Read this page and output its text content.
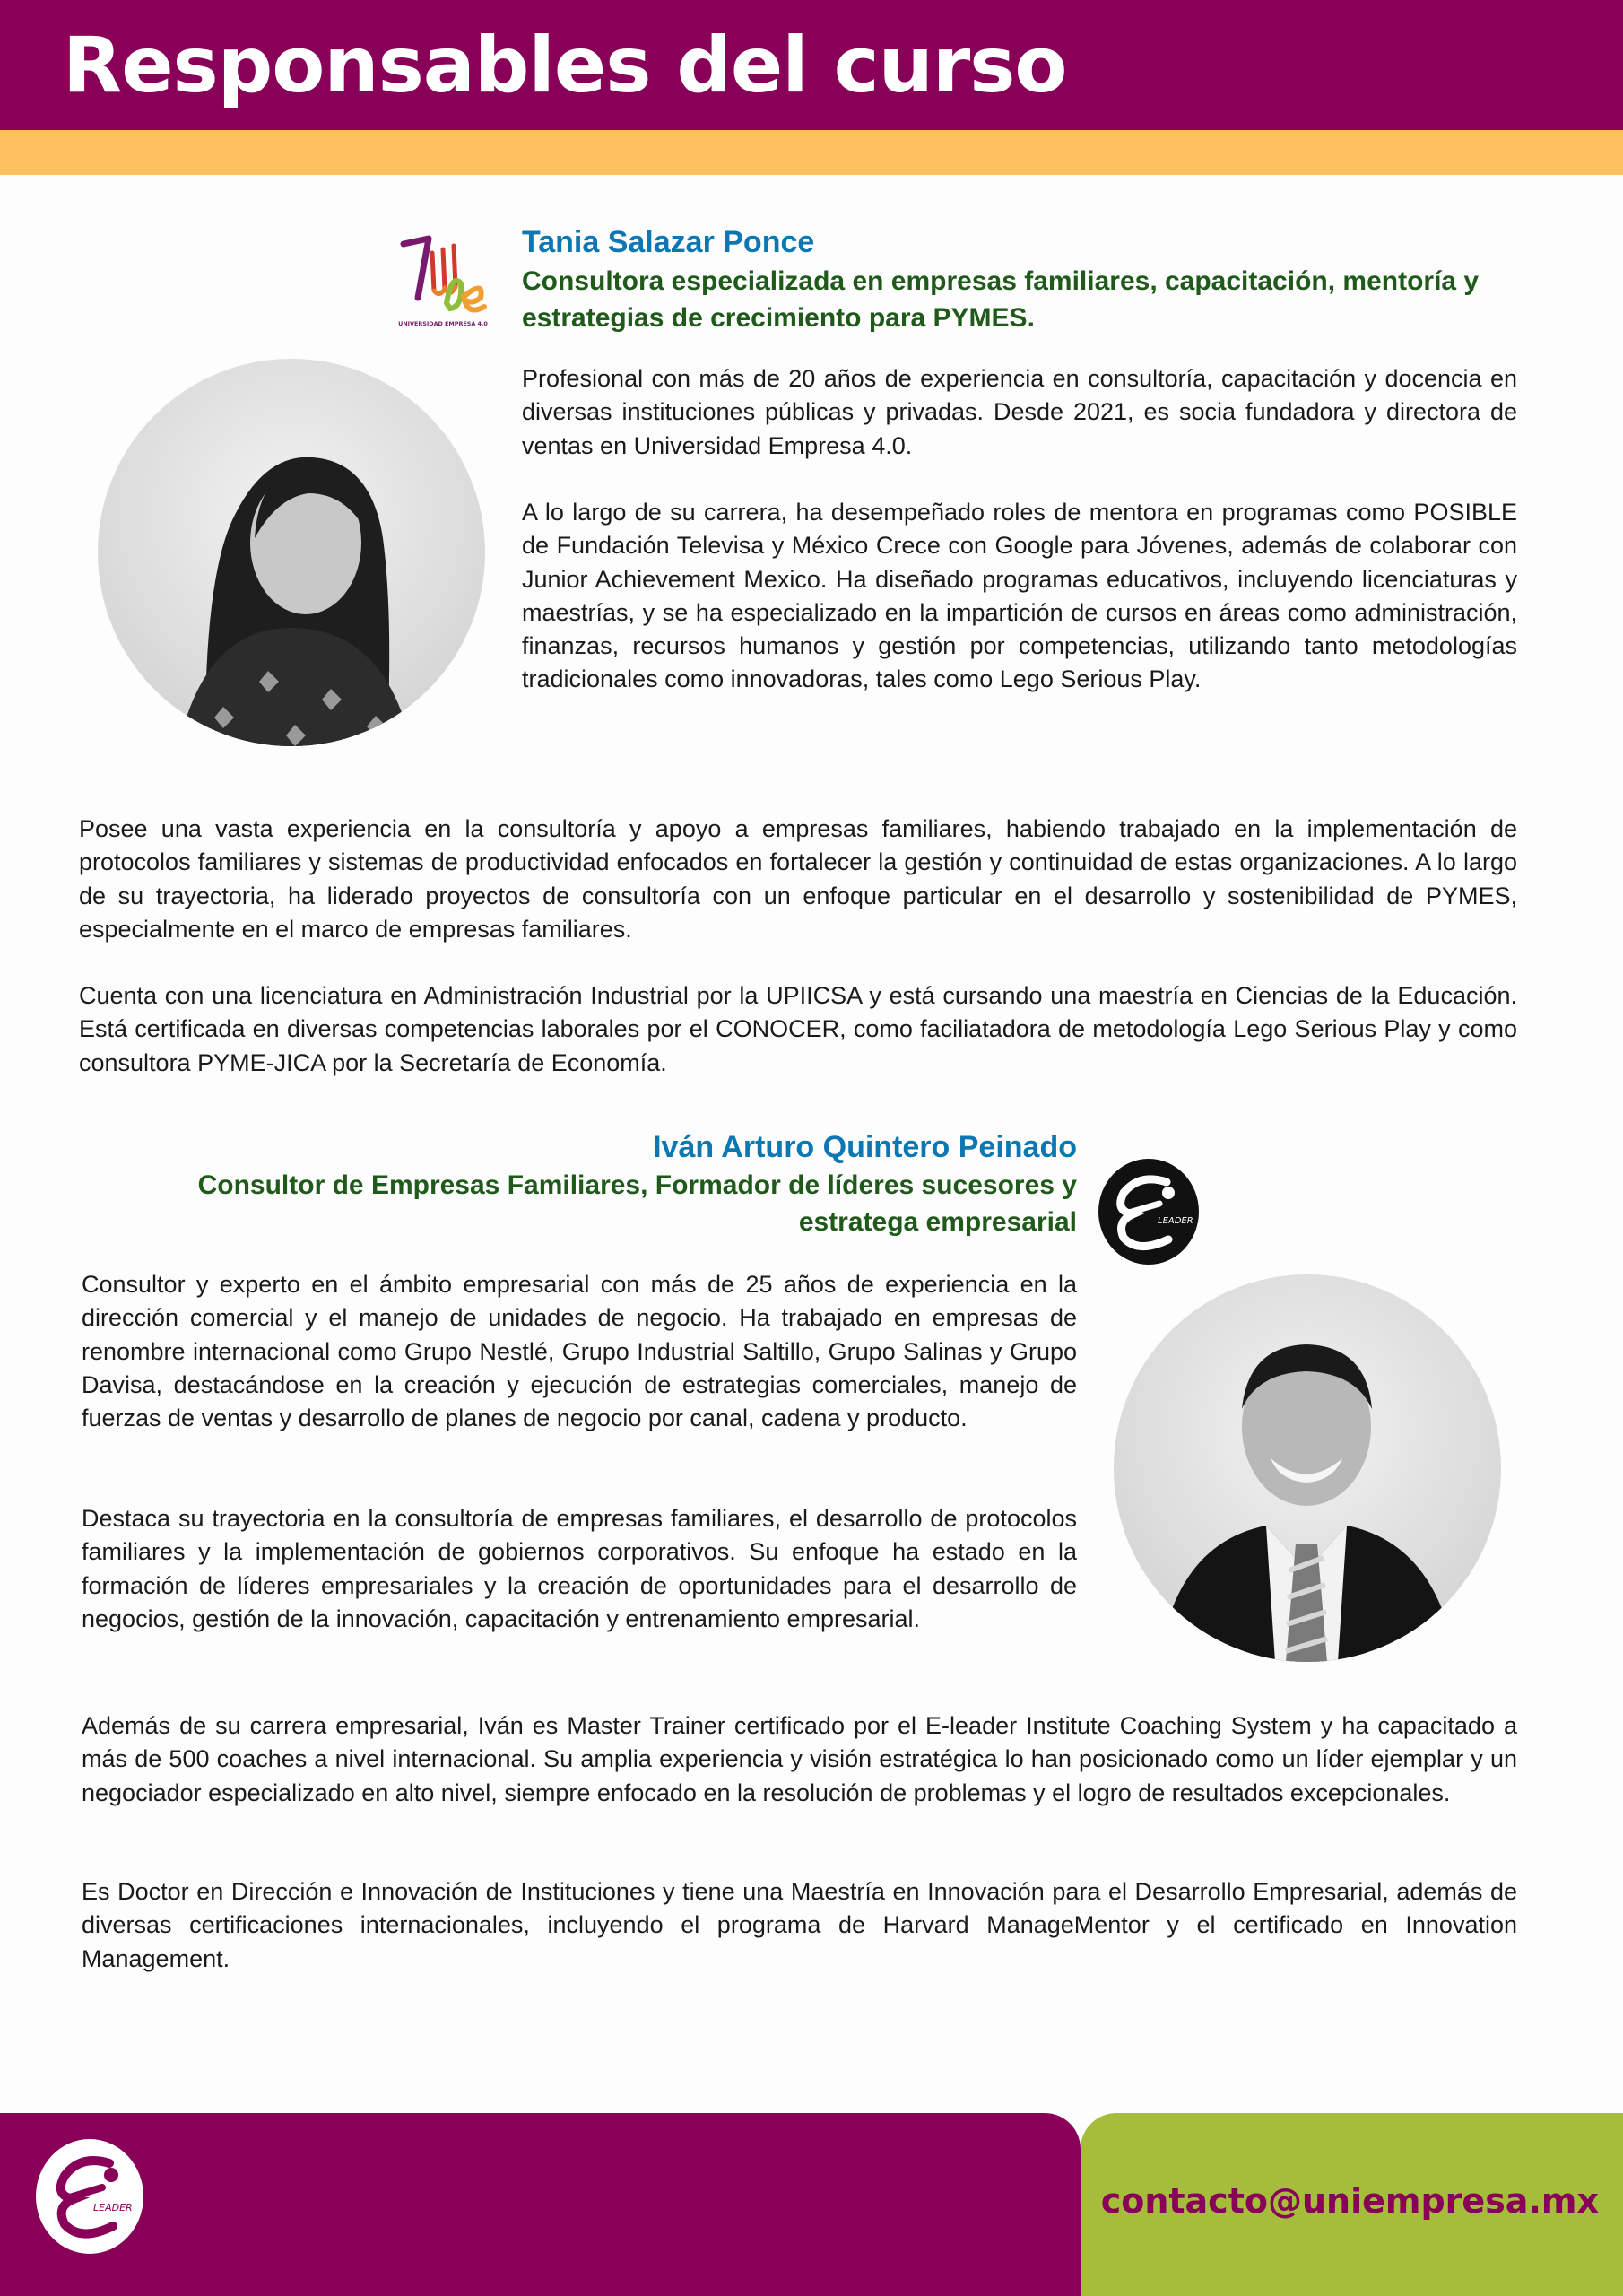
Responsables del curso
UNIVERSIDAD EMPRESA 4.0
Tania Salazar Ponce

Consultora especializada en empresas familiares, capacitación, mentoría y estrategias de crecimiento para PYMES.

Profesional con más de 20 años de experiencia en consultoría, capacitación y docencia en diversas instituciones públicas y privadas. Desde 2021, es socia fundadora y directora de ventas en Universidad Empresa 4.0.

A lo largo de su carrera, ha desempeñado roles de mentora en programas como POSIBLE de Fundación Televisa y México Crece con Google para Jóvenes, además de colaborar con Junior Achievement Mexico. Ha diseñado programas educativos, incluyendo licenciaturas y maestrías, y se ha especializado en la impartición de cursos en áreas como administración, finanzas, recursos humanos y gestión por competencias, utilizando tanto metodologías tradicionales como innovadoras, tales como Lego Serious Play.

Posee una vasta experiencia en la consultoría y apoyo a empresas familiares, habiendo trabajado en la implementación de protocolos familiares y sistemas de productividad enfocados en fortalecer la gestión y continuidad de estas organizaciones. A lo largo de su trayectoria, ha liderado proyectos de consultoría con un enfoque particular en el desarrollo y sostenibilidad de PYMES, especialmente en el marco de empresas familiares.

Cuenta con una licenciatura en Administración Industrial por la UPIICSA y está cursando una maestría en Ciencias de la Educación. Está certificada en diversas competencias laborales por el CONOCER, como faciliatadora de metodología Lego Serious Play y como consultora PYME-JICA por la Secretaría de Economía.

Iván Arturo Quintero Peinado

Consultor de Empresas Familiares, Formador de líderes sucesores y estratega empresarial	LEADER

Consultor y experto en el ámbito empresarial con más de 25 años de experiencia en la dirección comercial y el manejo de unidades de negocio. Ha trabajado en empresas de renombre internacional como Grupo Nestlé, Grupo Industrial Saltillo, Grupo Salinas y Grupo Davisa, destacándose en la creación y ejecución de estrategias comerciales, manejo de fuerzas de ventas y desarrollo de planes de negocio por canal, cadena y producto.

Destaca su trayectoria en la consultoría de empresas familiares, el desarrollo de protocolos familiares y la implementación de gobiernos corporativos. Su enfoque ha estado en la formación de líderes empresariales y la creación de oportunidades para el desarrollo de negocios, gestión de la innovación, capacitación y entrenamiento empresarial.

Además de su carrera empresarial, Iván es Master Trainer certificado por el E-leader Institute Coaching System y ha capacitado a más de 500 coaches a nivel internacional. Su amplia experiencia y visión estratégica lo han posicionado como un líder ejemplar y un negociador especializado en alto nivel, siempre enfocado en la resolución de problemas y el logro de resultados excepcionales.

Es Doctor en Dirección e Innovación de Instituciones y tiene una Maestría en Innovación para el Desarrollo Empresarial, además de diversas certificaciones internacionales, incluyendo el programa de Harvard ManageMentor y el certificado en Innovation Management.

LEADER	contacto@uniempresa.mx
